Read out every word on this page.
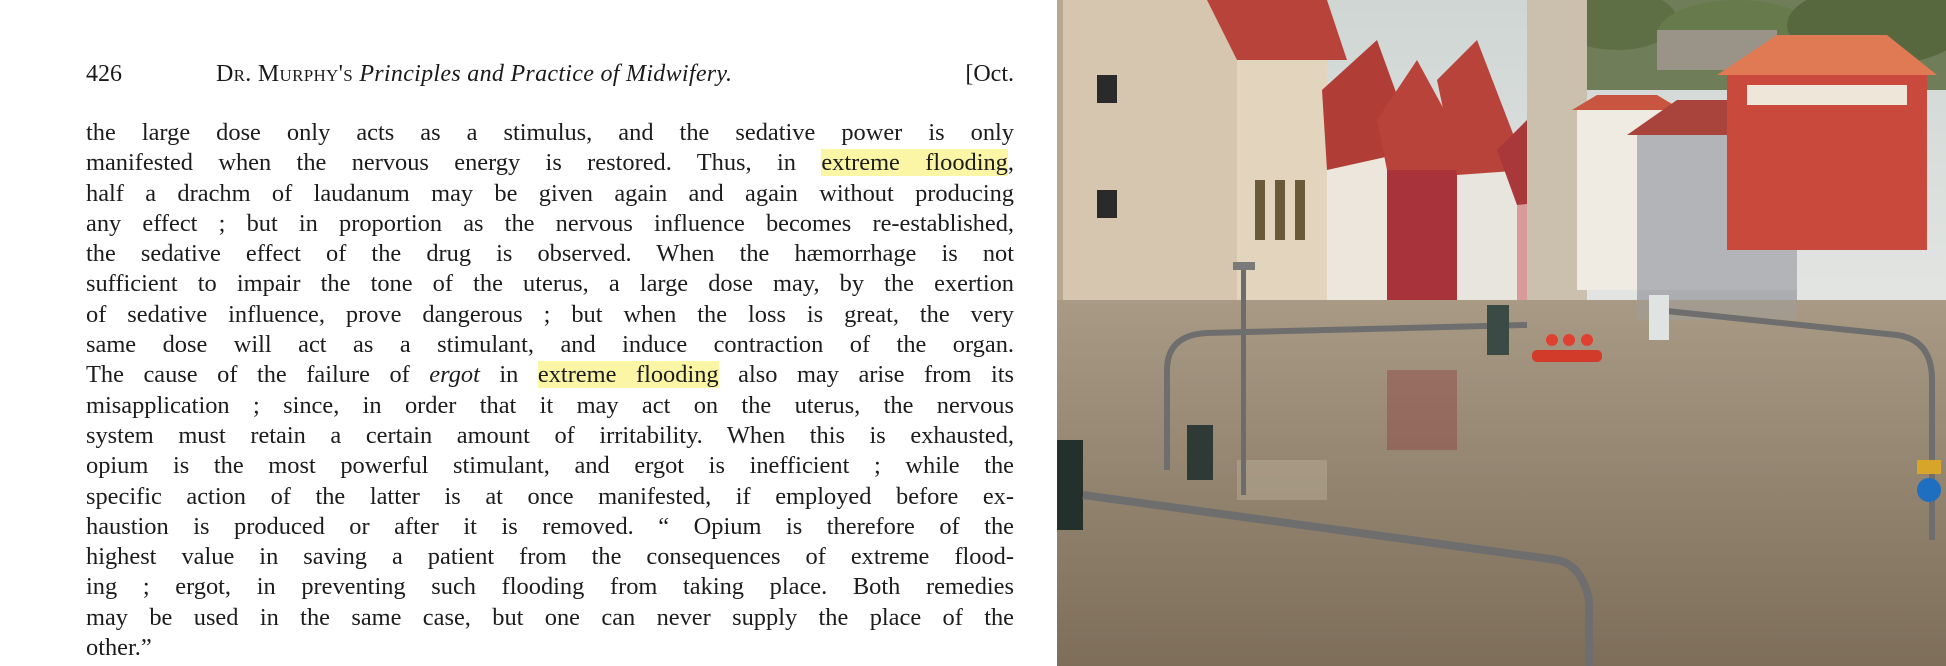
426	Dr. Murphy's Principles and Practice of Midwifery.	[Oct.
the large dose only acts as a stimulus, and the sedative power is only
manifested when the nervous energy is restored. Thus, in extreme flooding,
half a drachm of laudanum may be given again and again without producing
any effect ; but in proportion as the nervous influence becomes re-established,
the sedative effect of the drug is observed. When the hæmorrhage is not
sufficient to impair the tone of the uterus, a large dose may, by the exertion
of sedative influence, prove dangerous ; but when the loss is great, the very
same dose will act as a stimulant, and induce contraction of the organ.
The cause of the failure of ergot in extreme flooding also may arise from its
misapplication ; since, in order that it may act on the uterus, the nervous
system must retain a certain amount of irritability. When this is exhausted,
opium is the most powerful stimulant, and ergot is inefficient ; while the
specific action of the latter is at once manifested, if employed before ex-
haustion is produced or after it is removed. “ Opium is therefore of the
highest value in saving a patient from the consequences of extreme flood-
ing ; ergot, in preventing such flooding from taking place. Both remedies
may be used in the same case, but one can never supply the place of the
other.”
